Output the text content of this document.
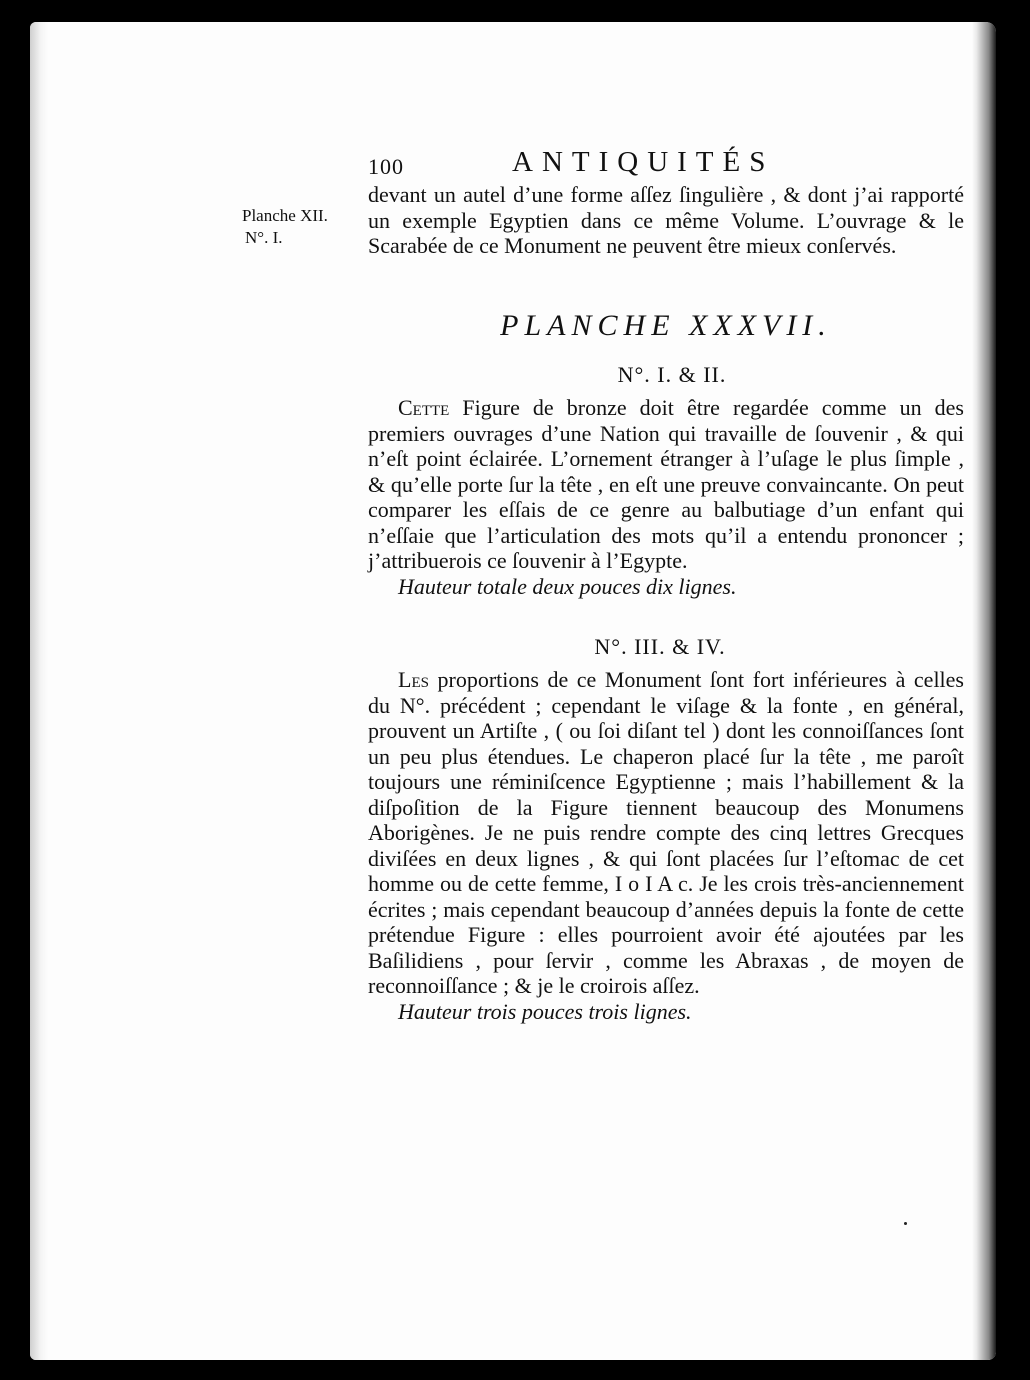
Planche XII.
N°. I.
100	ANTIQUITÉS

devant un autel d’une forme aſſez ſingulière , & dont j’ai rapporté un exemple Egyptien dans ce même Volume. L’ouvrage & le Scarabée de ce Monument ne peuvent être mieux conſervés.

PLANCHE XXXVII.
N°. I. & II.

Cette Figure de bronze doit être regardée comme un des premiers ouvrages d’une Nation qui travaille de ſouvenir , & qui n’eſt point éclairée. L’ornement étranger à l’uſage le plus ſimple , & qu’elle porte ſur la tête , en eſt une preuve convaincante. On peut comparer les eſſais de ce genre au balbutiage d’un enfant qui n’eſſaie que l’articulation des mots qu’il a entendu prononcer ; j’attribuerois ce ſouvenir à l’Egypte.

Hauteur totale deux pouces dix lignes.

N°. III. & IV.

Les proportions de ce Monument ſont fort inférieures à celles du N°. précédent ; cependant le viſage & la fonte , en général, prouvent un Artiſte , ( ou ſoi diſant tel ) dont les connoiſſances ſont un peu plus étendues. Le chaperon placé ſur la tête , me paroît toujours une réminiſcence Egyptienne ; mais l’habillement & la diſpoſition de la Figure tiennent beaucoup des Monumens Aborigènes. Je ne puis rendre compte des cinq lettres Grecques diviſées en deux lignes , & qui ſont placées ſur l’eſtomac de cet homme ou de cette femme, I o I A c. Je les crois très-anciennement écrites ; mais cependant beaucoup d’années depuis la fonte de cette prétendue Figure : elles pourroient avoir été ajoutées par les Baſilidiens , pour ſervir , comme les Abraxas , de moyen de reconnoiſſance ; & je le croirois aſſez.

Hauteur trois pouces trois lignes.
